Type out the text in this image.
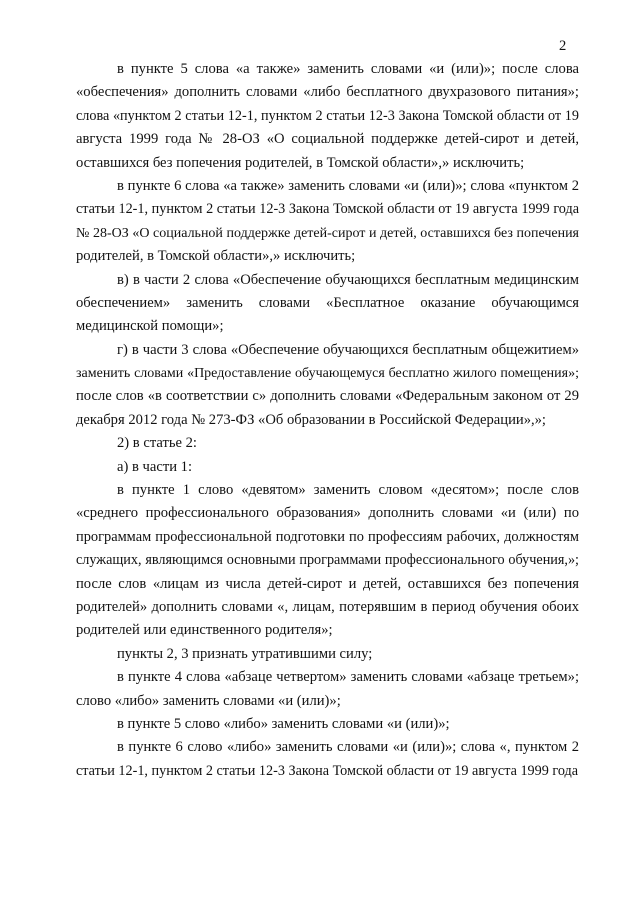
2
в пункте 5 слова «а также» заменить словами «и (или)»; после слова
«обеспечения» дополнить словами «либо бесплатного двухразового питания»;
слова «пунктом 2 статьи 12-1, пунктом 2 статьи 12-3 Закона Томской области от 19
августа 1999 года № 28-ОЗ «О социальной поддержке детей-сирот и детей,
оставшихся без попечения родителей, в Томской области»,» исключить;
в пункте 6 слова «а также» заменить словами «и (или)»; слова «пунктом 2
статьи 12-1, пунктом 2 статьи 12-3 Закона Томской области от 19 августа 1999 года
№ 28-ОЗ «О социальной поддержке детей-сирот и детей, оставшихся без попечения
родителей, в Томской области»,» исключить;
в) в части 2 слова «Обеспечение обучающихся бесплатным медицинским
обеспечением» заменить словами «Бесплатное оказание обучающимся
медицинской помощи»;
г) в части 3 слова «Обеспечение обучающихся бесплатным общежитием»
заменить словами «Предоставление обучающемуся бесплатно жилого помещения»;
после слов «в соответствии с» дополнить словами «Федеральным законом от 29
декабря 2012 года № 273-ФЗ «Об образовании в Российской Федерации»,»;
2) в статье 2:
а) в части 1:
в пункте 1 слово «девятом» заменить словом «десятом»; после слов
«среднего профессионального образования» дополнить словами «и (или) по
программам профессиональной подготовки по профессиям рабочих, должностям
служащих, являющимся основными программами профессионального обучения,»;
после слов «лицам из числа детей-сирот и детей, оставшихся без попечения
родителей» дополнить словами «, лицам, потерявшим в период обучения обоих
родителей или единственного родителя»;
пункты 2, 3 признать утратившими силу;
в пункте 4 слова «абзаце четвертом» заменить словами «абзаце третьем»;
слово «либо» заменить словами «и (или)»;
в пункте 5 слово «либо» заменить словами «и (или)»;
в пункте 6 слово «либо» заменить словами «и (или)»; слова «, пунктом 2
статьи 12-1, пунктом 2 статьи 12-3 Закона Томской области от 19 августа 1999 года
